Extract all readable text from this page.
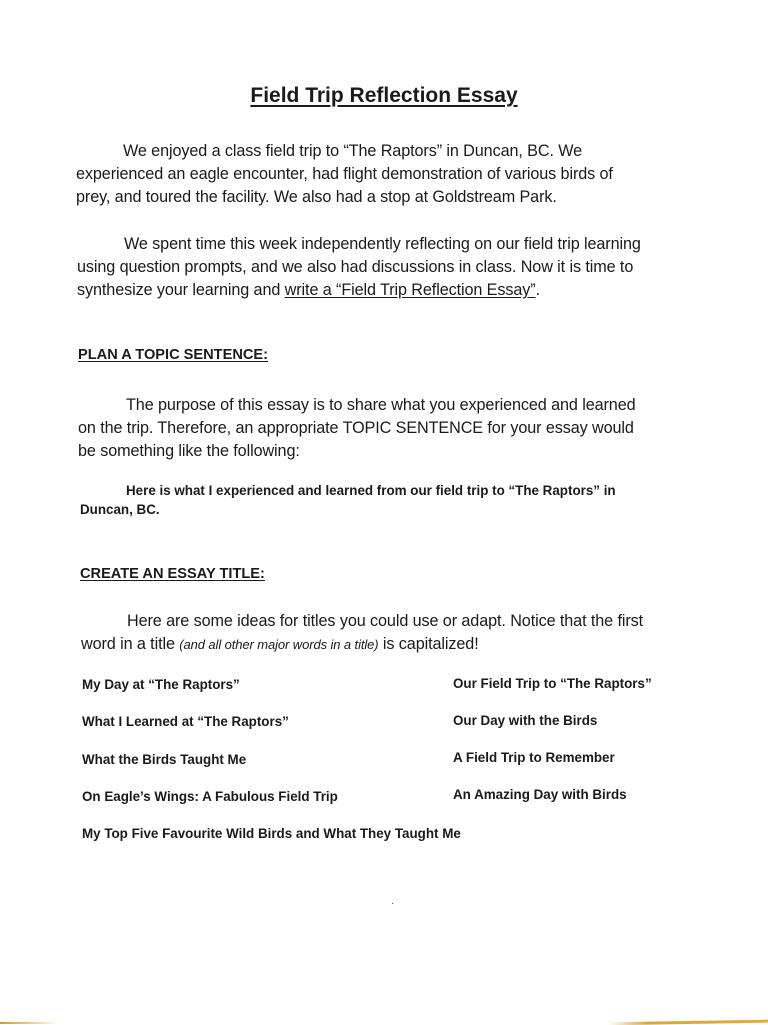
Field Trip Reflection Essay
We enjoyed a class field trip to “The Raptors” in Duncan, BC. We
experienced an eagle encounter, had flight demonstration of various birds of
prey, and toured the facility. We also had a stop at Goldstream Park.
We spent time this week independently reflecting on our field trip learning
using question prompts, and we also had discussions in class. Now it is time to
synthesize your learning and write a “Field Trip Reflection Essay”.
PLAN A TOPIC SENTENCE:
The purpose of this essay is to share what you experienced and learned
on the trip. Therefore, an appropriate TOPIC SENTENCE for your essay would
be something like the following:
Here is what I experienced and learned from our field trip to “The Raptors” in
Duncan, BC.
CREATE AN ESSAY TITLE:
Here are some ideas for titles you could use or adapt. Notice that the first
word in a title (and all other major words in a title) is capitalized!
My Day at “The Raptors”
What I Learned at “The Raptors”
What the Birds Taught Me
On Eagle’s Wings: A Fabulous Field Trip
My Top Five Favourite Wild Birds and What They Taught Me
Our Field Trip to “The Raptors”
Our Day with the Birds
A Field Trip to Remember
An Amazing Day with Birds
